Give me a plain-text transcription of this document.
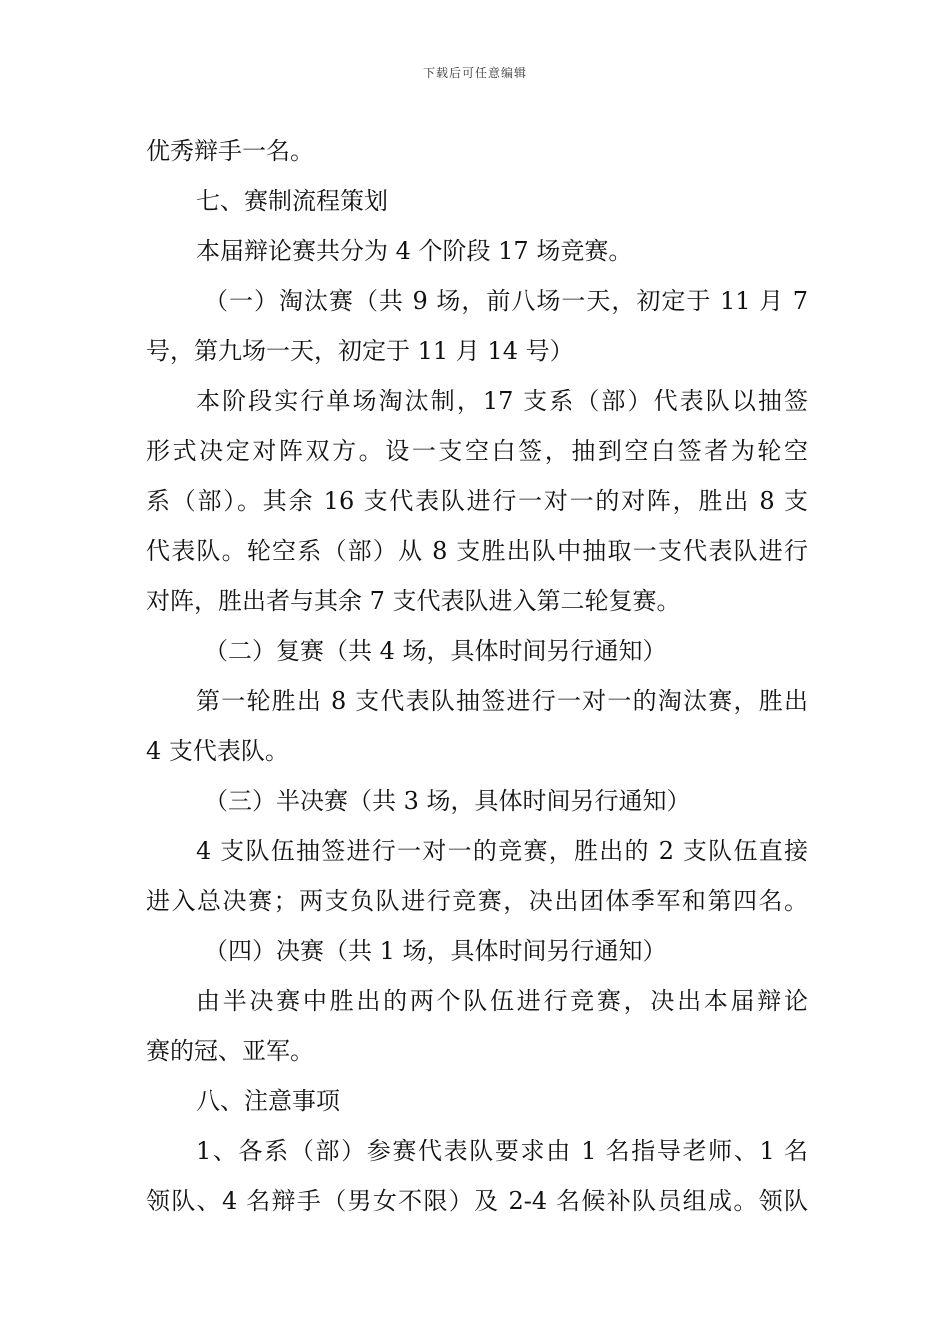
下载后可任意编辑
优秀辩手一名。
七、赛制流程策划
本届辩论赛共分为 4 个阶段 17 场竞赛。
（一）淘汰赛（共 9 场，前八场一天，初定于 11 月 7
号，第九场一天，初定于 11 月 14 号）
本阶段实行单场淘汰制，17 支系（部）代表队以抽签
形式决定对阵双方。设一支空白签，抽到空白签者为轮空
系（部）。其余 16 支代表队进行一对一的对阵，胜出 8 支
代表队。轮空系（部）从 8 支胜出队中抽取一支代表队进行
对阵，胜出者与其余 7 支代表队进入第二轮复赛。
（二）复赛（共 4 场，具体时间另行通知）
第一轮胜出 8 支代表队抽签进行一对一的淘汰赛，胜出
4 支代表队。
（三）半决赛（共 3 场，具体时间另行通知）
4 支队伍抽签进行一对一的竞赛，胜出的 2 支队伍直接
进入总决赛；两支负队进行竞赛，决出团体季军和第四名。
（四）决赛（共 1 场，具体时间另行通知）
由半决赛中胜出的两个队伍进行竞赛，决出本届辩论
赛的冠、亚军。
八、注意事项
1、各系（部）参赛代表队要求由 1 名指导老师、1 名
领队、4 名辩手（男女不限）及 2-4 名候补队员组成。领队
